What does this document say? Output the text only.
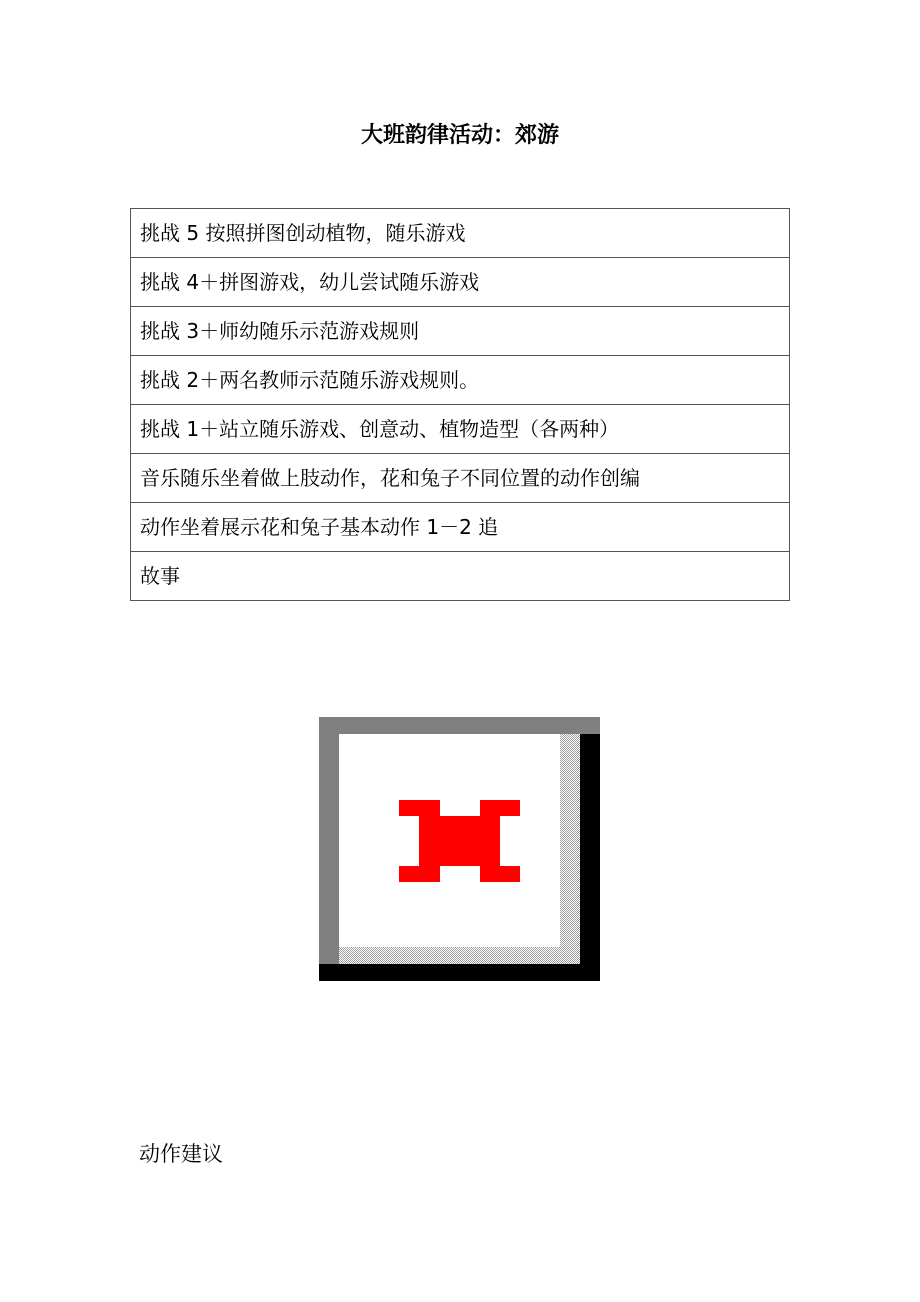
大班韵律活动：郊游
挑战 5 按照拼图创动植物，随乐游戏
挑战 4＋拼图游戏，幼儿尝试随乐游戏
挑战 3＋师幼随乐示范游戏规则
挑战 2＋两名教师示范随乐游戏规则。
挑战 1＋站立随乐游戏、创意动、植物造型（各两种）
音乐随乐坐着做上肢动作，花和兔子不同位置的动作创编
动作坐着展示花和兔子基本动作 1－2 追
故事
动作建议
